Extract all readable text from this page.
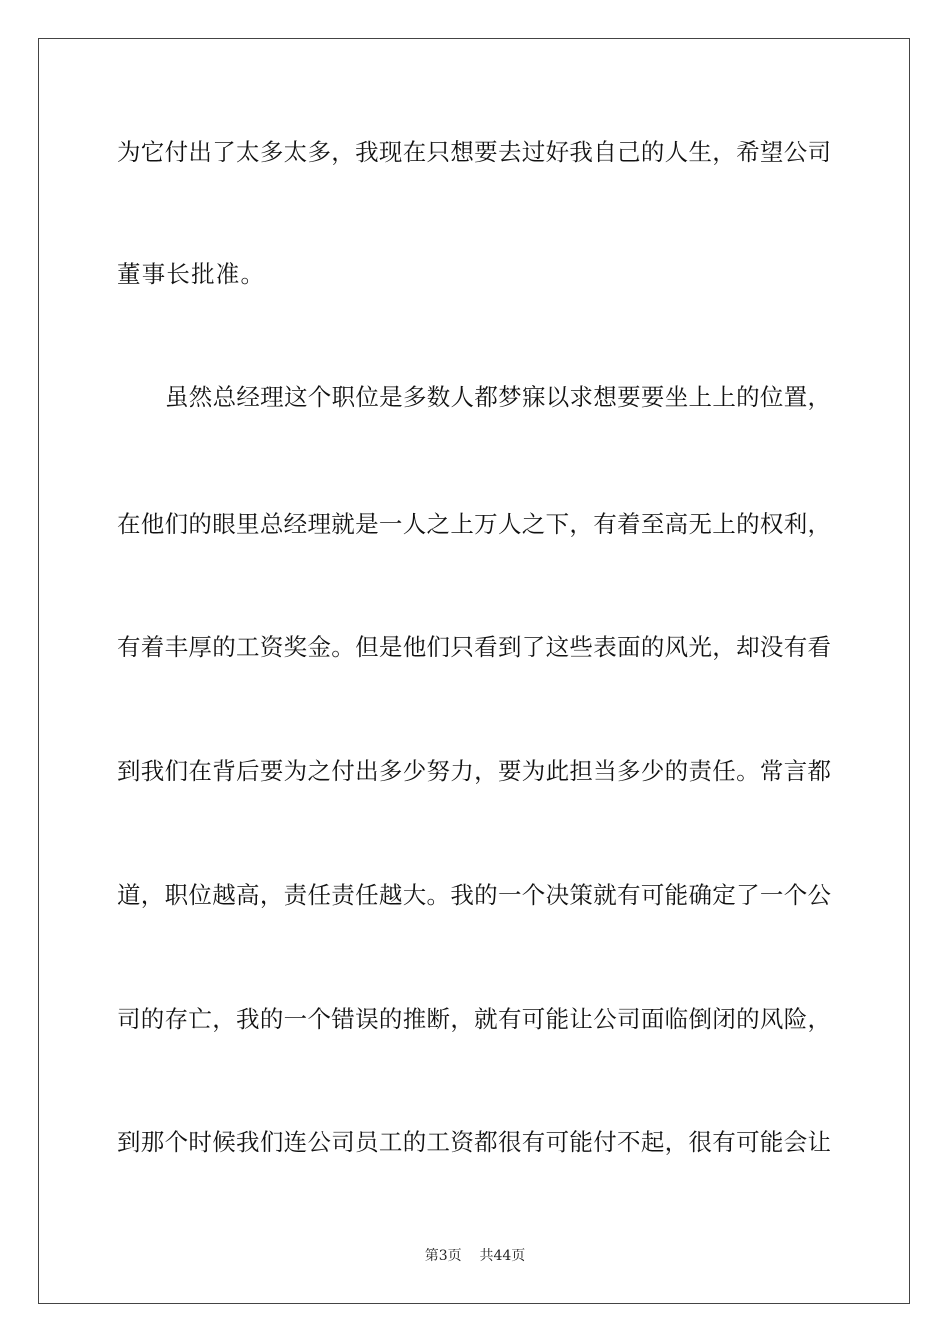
为它付出了太多太多，我现在只想要去过好我自己的人生，希望公司
董事长批准。
虽然总经理这个职位是多数人都梦寐以求想要要坐上上的位置，
在他们的眼里总经理就是一人之上万人之下，有着至高无上的权利，
有着丰厚的工资奖金。但是他们只看到了这些表面的风光，却没有看
到我们在背后要为之付出多少努力，要为此担当多少的责任。常言都
道，职位越高，责任责任越大。我的一个决策就有可能确定了一个公
司的存亡，我的一个错误的推断，就有可能让公司面临倒闭的风险，
到那个时候我们连公司员工的工资都很有可能付不起，很有可能会让
第3页 共44页
